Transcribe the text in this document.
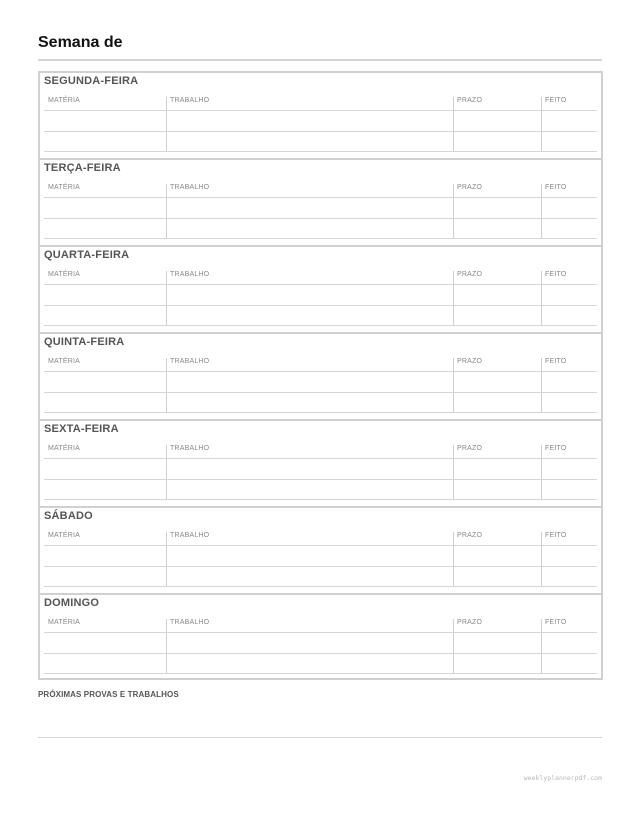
Semana de
SEGUNDA-FEIRA
MATÉRIA	TRABALHO	PRAZO	FEITO
TERÇA-FEIRA
MATÉRIA	TRABALHO	PRAZO	FEITO
QUARTA-FEIRA
MATÉRIA	TRABALHO	PRAZO	FEITO
QUINTA-FEIRA
MATÉRIA	TRABALHO	PRAZO	FEITO
SEXTA-FEIRA
MATÉRIA	TRABALHO	PRAZO	FEITO
SÁBADO
MATÉRIA	TRABALHO	PRAZO	FEITO
DOMINGO
MATÉRIA	TRABALHO	PRAZO	FEITO
PRÓXIMAS PROVAS E TRABALHOS
weeklyplannerpdf.com
